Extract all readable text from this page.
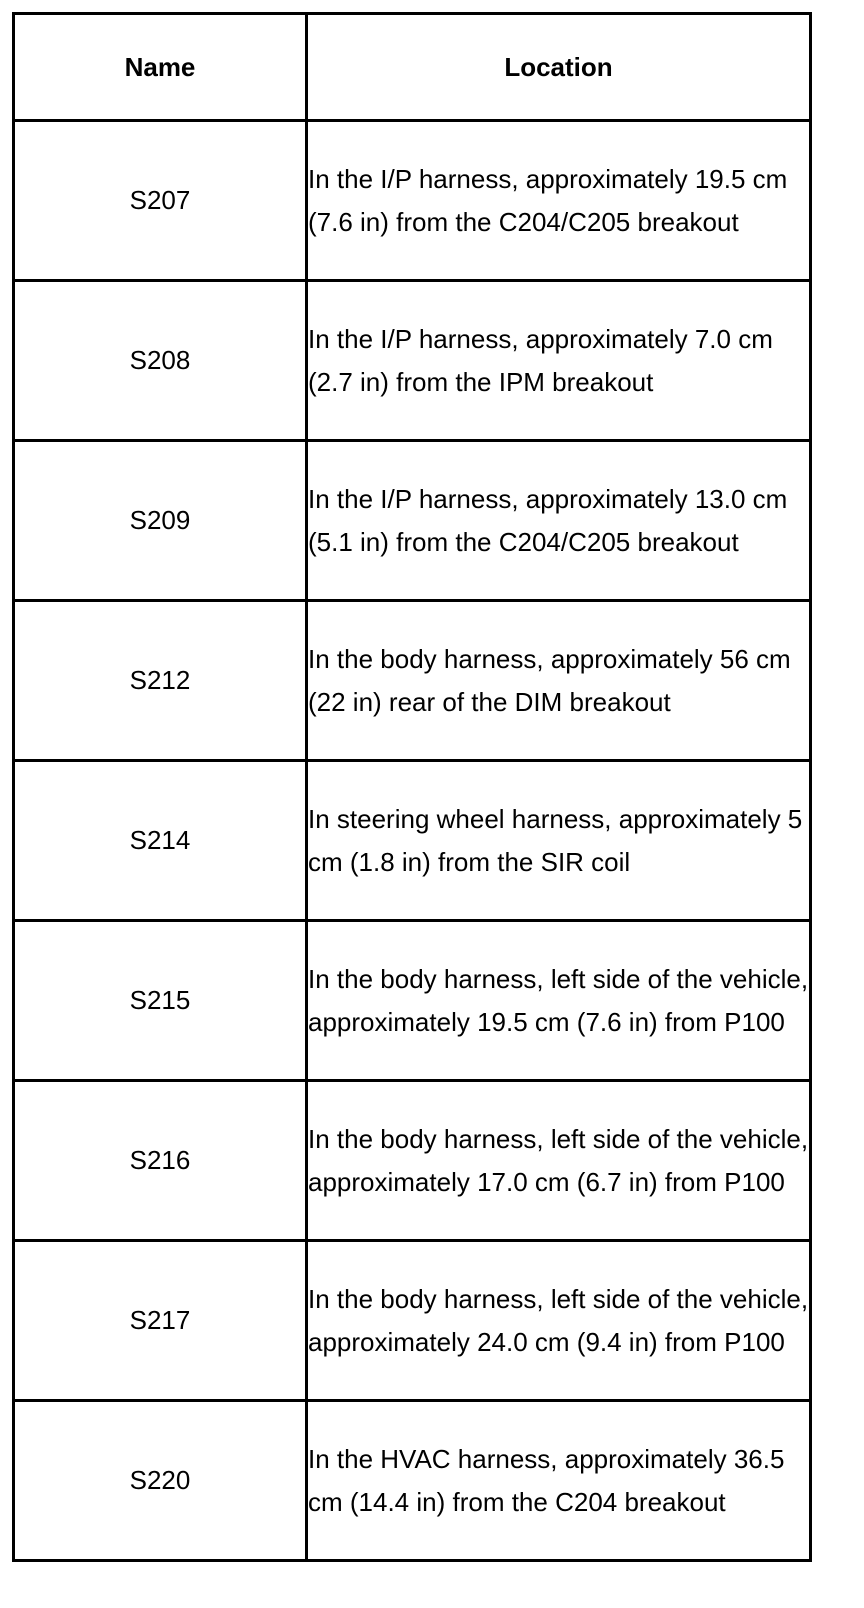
Name	Location
S207	In the I/P harness, approximately 19.5 cm (7.6 in) from the C204/C205 breakout
S208	In the I/P harness, approximately 7.0 cm (2.7 in) from the IPM breakout
S209	In the I/P harness, approximately 13.0 cm (5.1 in) from the C204/C205 breakout
S212	In the body harness, approximately 56 cm (22 in) rear of the DIM breakout
S214	In steering wheel harness, approximately 5 cm (1.8 in) from the SIR coil
S215	In the body harness, left side of the vehicle, approximately 19.5 cm (7.6 in) from P100
S216	In the body harness, left side of the vehicle, approximately 17.0 cm (6.7 in) from P100
S217	In the body harness, left side of the vehicle, approximately 24.0 cm (9.4 in) from P100
S220	In the HVAC harness, approximately 36.5 cm (14.4 in) from the C204 breakout
